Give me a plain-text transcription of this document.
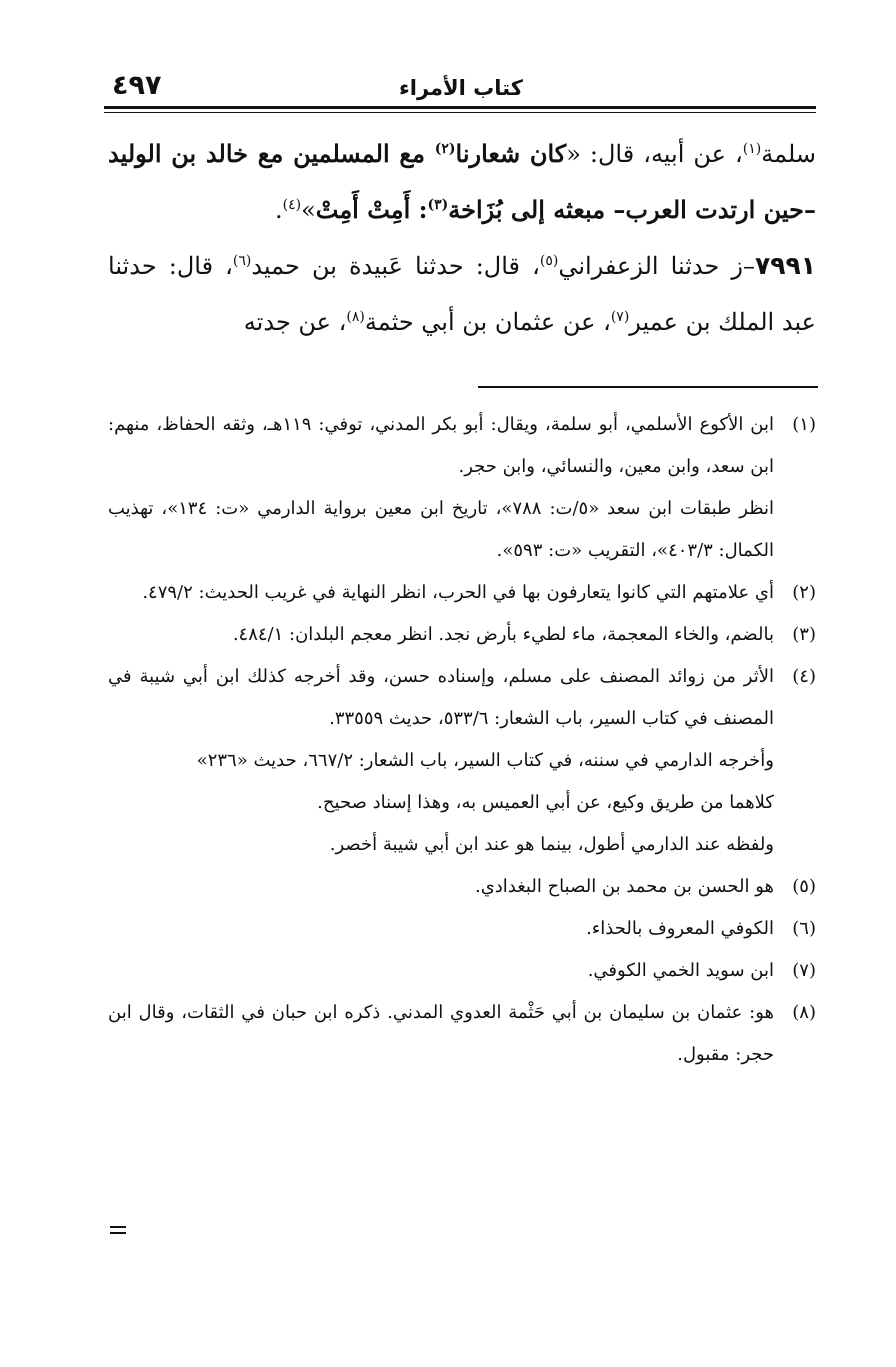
٤٩٧	كتاب الأمراء

سلمة$^{(١)}$، عن أبيه، قال: «كان شعارنا$^{(٢)}$ مع المسلمين مع خالد بن الوليد –حين ارتدت العرب– مبعثه إلى بُزَاخة$^{(٣)}$: أَمِتْ أَمِتْ»$^{(٤)}$.

٧٩٩١–ز حدثنا الزعفراني$^{(٥)}$، قال: حدثنا عَبيدة بن حميد$^{(٦)}$، قال: حدثنا عبد الملك بن عمير$^{(٧)}$، عن عثمان بن أبي حثمة$^{(٨)}$، عن جدته

(١)

ابن الأكوع الأسلمي، أبو سلمة، ويقال: أبو بكر المدني، توفي: ١١٩هـ، وثقه الحفاظ، منهم: ابن سعد، وابن معين، والنسائي، وابن حجر.

انظر طبقات ابن سعد «٥/ت: ٧٨٨»، تاريخ ابن معين برواية الدارمي «ت: ١٣٤»، تهذيب الكمال: ٤٠٣/٣»، التقريب «ت: ٥٩٣».

(٢)

أي علامتهم التي كانوا يتعارفون بها في الحرب، انظر النهاية في غريب الحديث: ٤٧٩/٢.

(٣)

بالضم، والخاء المعجمة، ماء لطيء بأرض نجد. انظر معجم البلدان: ٤٨٤/١.

(٤)

الأثر من زوائد المصنف على مسلم، وإسناده حسن، وقد أخرجه كذلك ابن أبي شيبة في المصنف في كتاب السير، باب الشعار: ٥٣٣/٦، حديث ٣٣٥٥٩.

وأخرجه الدارمي في سننه، في كتاب السير، باب الشعار: ٦٦٧/٢، حديث «٢٣٦»

كلاهما من طريق وكيع، عن أبي العميس به، وهذا إسناد صحيح.

ولفظه عند الدارمي أطول، بينما هو عند ابن أبي شيبة أخصر.

(٥)

هو الحسن بن محمد بن الصباح البغدادي.

(٦)

الكوفي المعروف بالحذاء.

(٧)

ابن سويد الخمي الكوفي.

(٨)

هو: عثمان بن سليمان بن أبي حَثْمة العدوي المدني. ذكره ابن حبان في الثقات، وقال ابن حجر: مقبول.
